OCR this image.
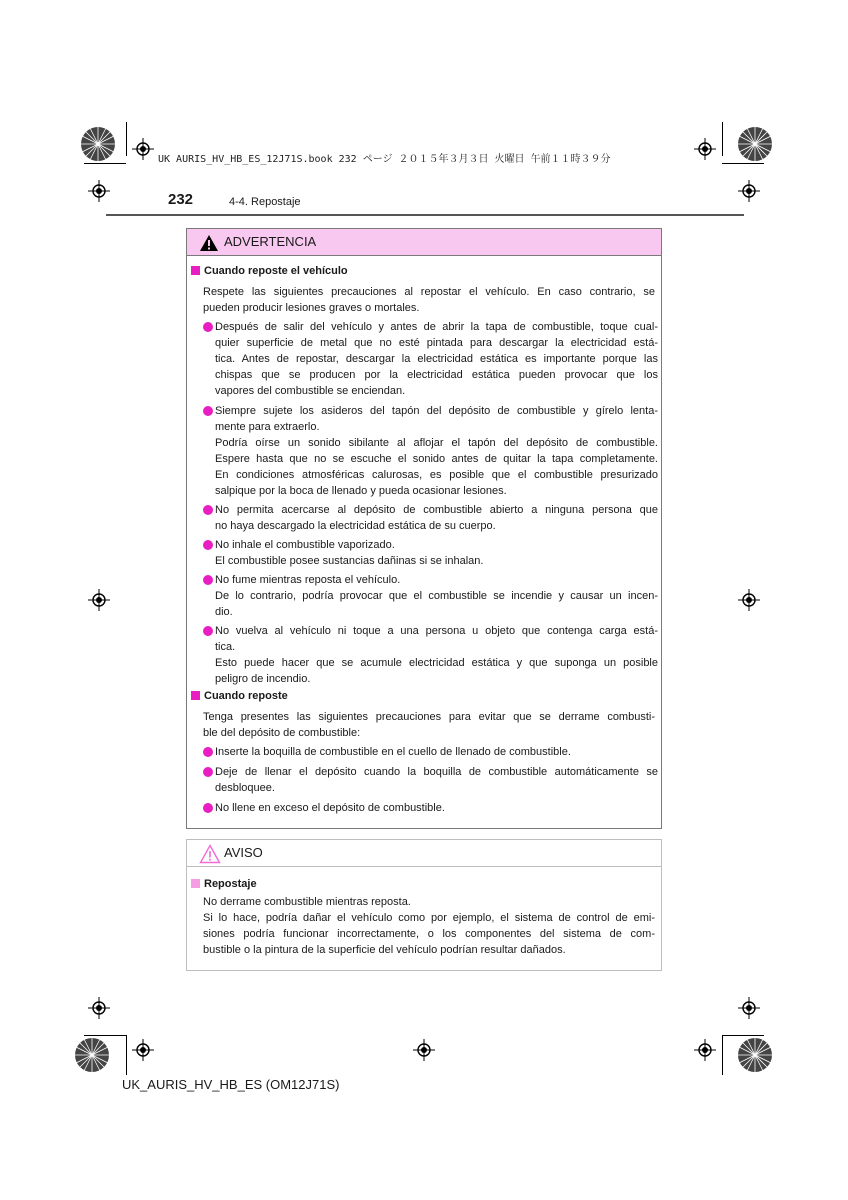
UK AURIS_HV_HB_ES_12J71S.book 232 ページ ２０１５年３月３日 火曜日 午前１１時３９分
232	4-4. Repostaje
ADVERTENCIA
Cuando reposte el vehículo
Respete las siguientes precauciones al repostar el vehículo. En caso contrario, se
pueden producir lesiones graves o mortales.
Después de salir del vehículo y antes de abrir la tapa de combustible, toque cual-
quier superficie de metal que no esté pintada para descargar la electricidad está-
tica. Antes de repostar, descargar la electricidad estática es importante porque las
chispas que se producen por la electricidad estática pueden provocar que los
vapores del combustible se enciendan.
Siempre sujete los asideros del tapón del depósito de combustible y gírelo lenta-
mente para extraerlo.
Podría oírse un sonido sibilante al aflojar el tapón del depósito de combustible.
Espere hasta que no se escuche el sonido antes de quitar la tapa completamente.
En condiciones atmosféricas calurosas, es posible que el combustible presurizado
salpique por la boca de llenado y pueda ocasionar lesiones.
No permita acercarse al depósito de combustible abierto a ninguna persona que
no haya descargado la electricidad estática de su cuerpo.
No inhale el combustible vaporizado.
El combustible posee sustancias dañinas si se inhalan.
No fume mientras reposta el vehículo.
De lo contrario, podría provocar que el combustible se incendie y causar un incen-
dio.
No vuelva al vehículo ni toque a una persona u objeto que contenga carga está-
tica.
Esto puede hacer que se acumule electricidad estática y que suponga un posible
peligro de incendio.
Cuando reposte
Tenga presentes las siguientes precauciones para evitar que se derrame combusti-
ble del depósito de combustible:
Inserte la boquilla de combustible en el cuello de llenado de combustible.
Deje de llenar el depósito cuando la boquilla de combustible automáticamente se
desbloquee.
No llene en exceso el depósito de combustible.
AVISO
Repostaje
No derrame combustible mientras reposta.
Si lo hace, podría dañar el vehículo como por ejemplo, el sistema de control de emi-
siones podría funcionar incorrectamente, o los componentes del sistema de com-
bustible o la pintura de la superficie del vehículo podrían resultar dañados.
UK_AURIS_HV_HB_ES (OM12J71S)
